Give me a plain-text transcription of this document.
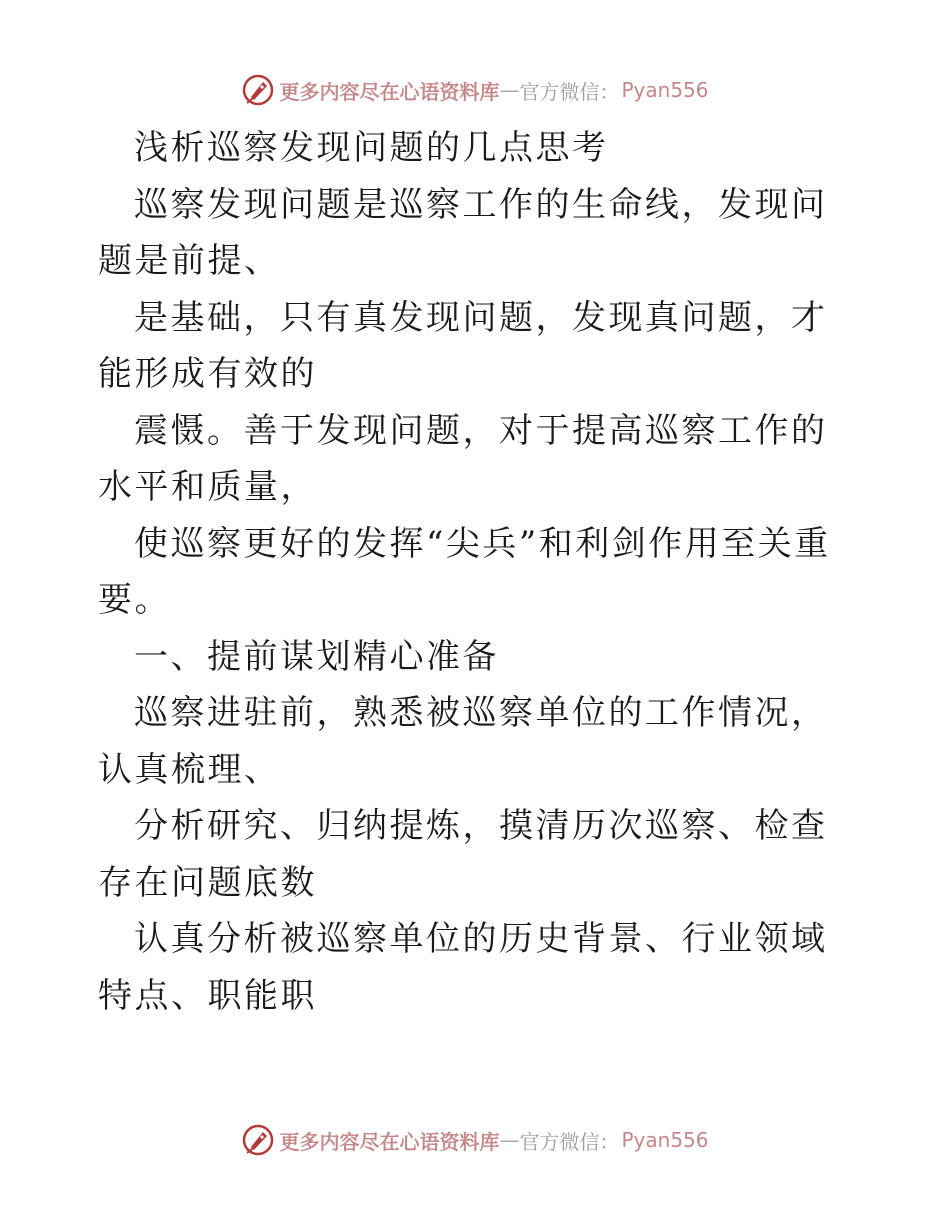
更多内容尽在心语资料库 — 官方微信 ： Pyan556

浅析巡察发现问题的几点思考

巡察发现问题是巡察工作的生命线，发现问题是前提、

是基础，只有真发现问题，发现真问题，才能形成有效的

震慑。善于发现问题，对于提高巡察工作的水平和质量，

使巡察更好的发挥“尖兵”和利剑作用至关重要。

一、提前谋划精心准备

巡察进驻前，熟悉被巡察单位的工作情况，认真梳理、

分析研究、归纳提炼，摸清历次巡察、检查存在问题底数

认真分析被巡察单位的历史背景、行业领域特点、职能职

更多内容尽在心语资料库 — 官方微信 ： Pyan556
